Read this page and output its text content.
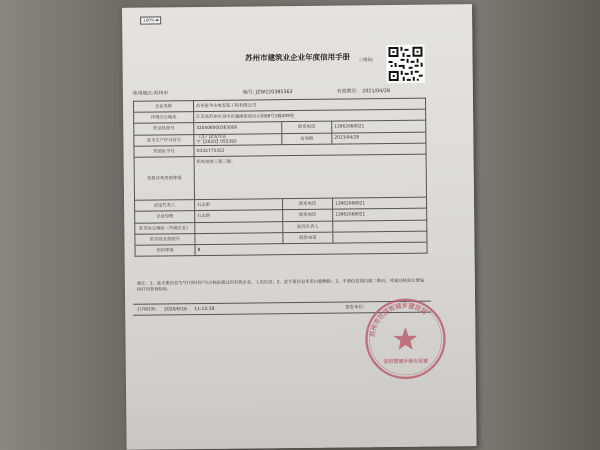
100%
苏州市建筑业企业年度信用手册	二维码:
使用地区:苏州市	编号: JZW220385363	有效期至: 2021/04/28
企业名称	苏州唐华水电安装工程有限公司		
详细办公地址	江苏省苏州市吴中区越溪街道吴山街88号1幢409室		
营业执照号	320506000363000	联系电话	13862068021
安全生产许可证号	（苏）JZ安许证
字【2020】055393	有效期	2023/04/28
资质证书号	D332775352		
资质序列类别等级	机电安装工程三级；		
法定代表人	石志明	联系电话	13862068021
企业经理	石志明	联系电话	13862068021
驻苏办公地址（外地企业）		驻苏负责人	
驻苏营业执照号		联系电话	
信用等级	B		
备注：1、此手册信息为"打印时间"当点核验通过的有效企业、人员信息；2、此手册信息多系自勤删除；3、手册信息请扫描二维码，或通过核验注册编码打印查询检验。
打印时间： 2020/6/16 11:12:19	签发单位：
苏州市住房和城乡建设局
信用管理手册专用章
